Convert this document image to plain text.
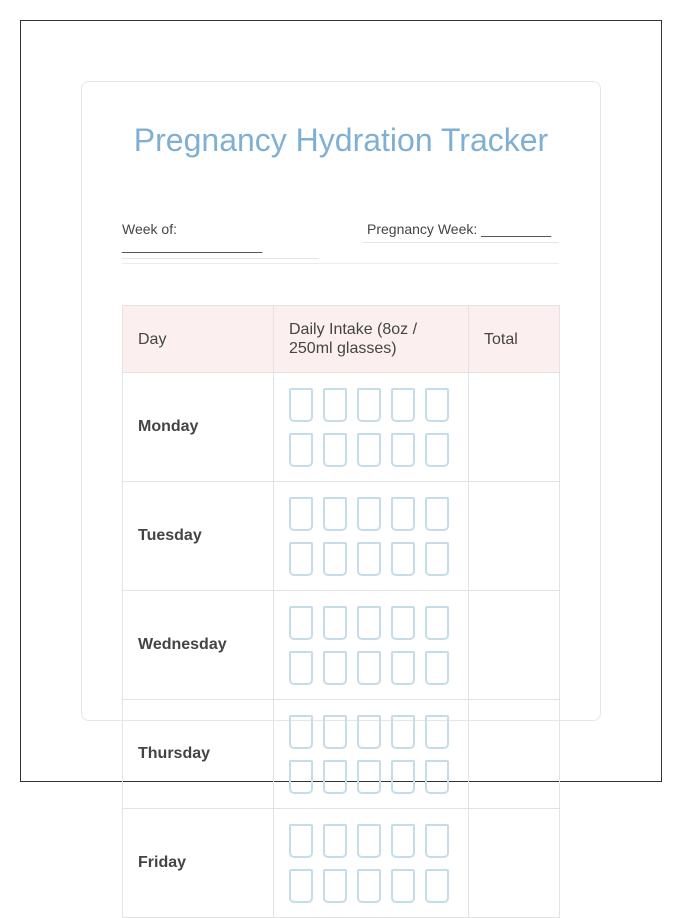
Pregnancy Hydration Tracker
Week of: __________________
Pregnancy Week: _________
Day	Daily Intake (8oz / 250ml glasses)	Total
Monday	

Tuesday	

Wednesday	

Thursday	

Friday	
